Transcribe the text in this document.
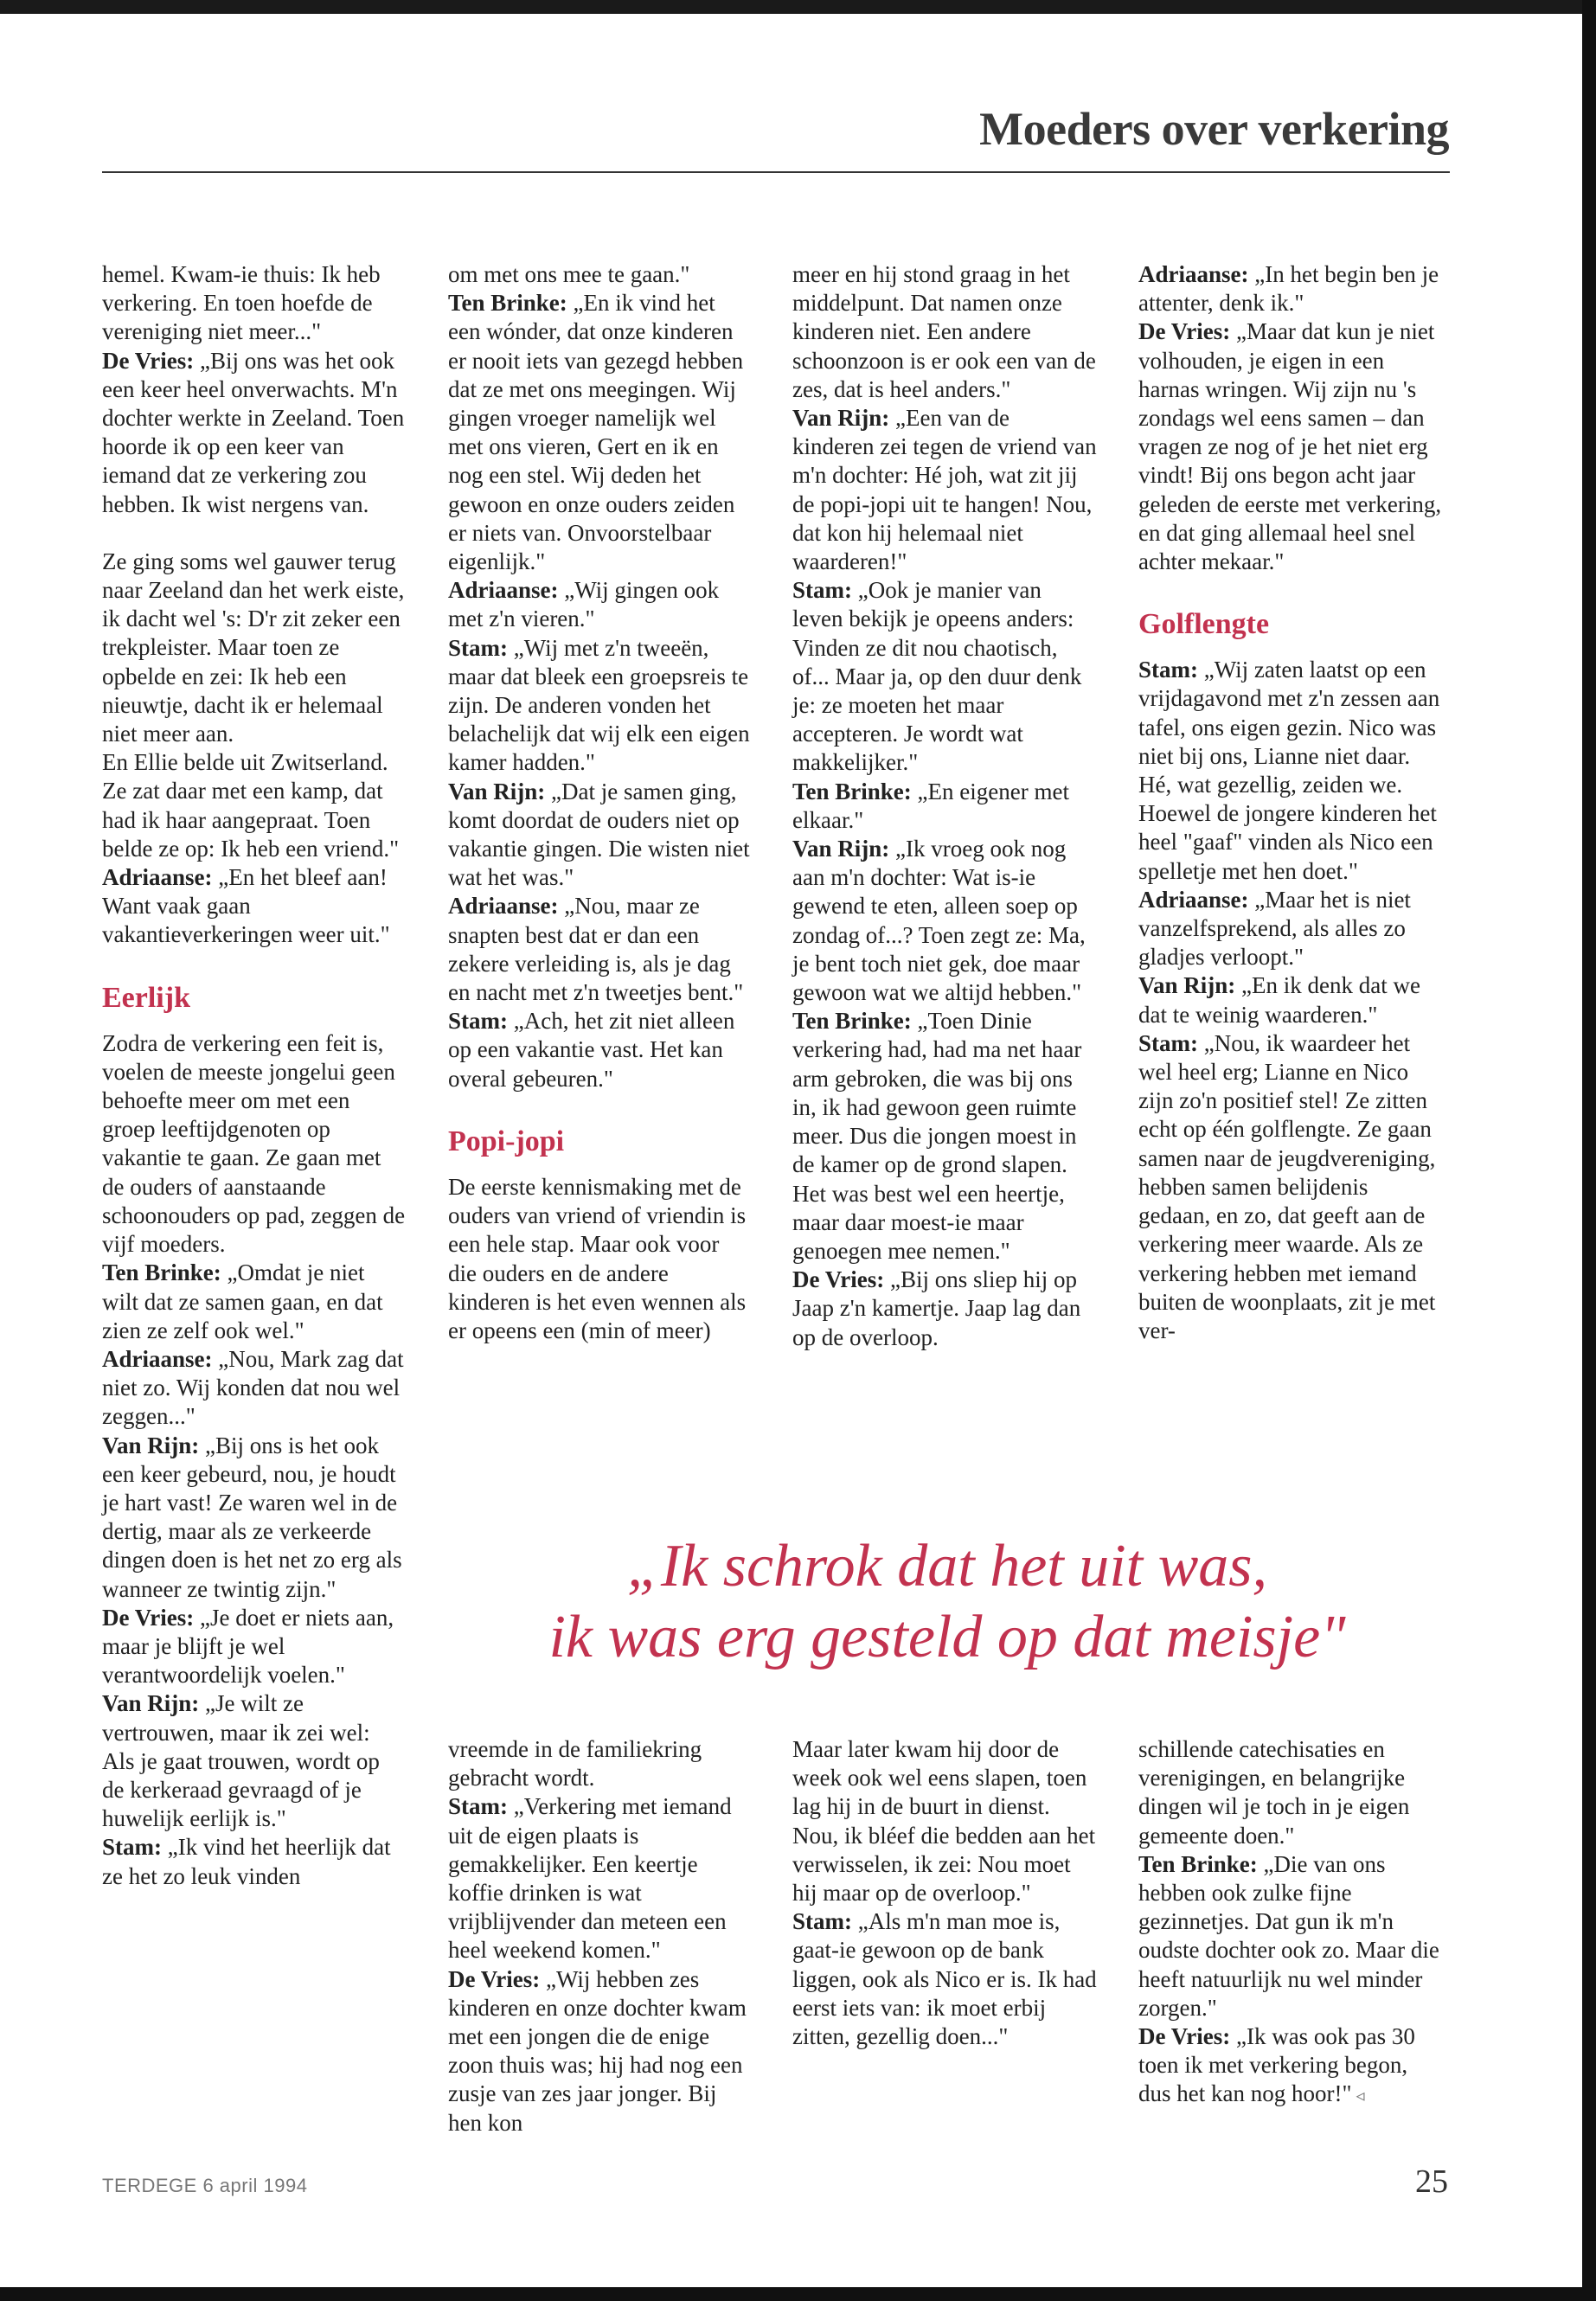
Moeders over verkering

hemel. Kwam-ie thuis: Ik heb verkering. En toen hoefde de vereniging niet meer..."

De Vries: „Bij ons was het ook een keer heel onverwachts. M'n dochter werkte in Zeeland. Toen hoorde ik op een keer van iemand dat ze verkering zou hebben. Ik wist nergens van.

Ze ging soms wel gauwer terug naar Zeeland dan het werk eiste, ik dacht wel 's: D'r zit zeker een trekpleister. Maar toen ze opbelde en zei: Ik heb een nieuwtje, dacht ik er helemaal niet meer aan.

En Ellie belde uit Zwitserland. Ze zat daar met een kamp, dat had ik haar aangepraat. Toen belde ze op: Ik heb een vriend."

Adriaanse: „En het bleef aan! Want vaak gaan vakantieverkeringen weer uit."

Eerlijk

Zodra de verkering een feit is, voelen de meeste jongelui geen behoefte meer om met een groep leeftijdgenoten op vakantie te gaan. Ze gaan met de ouders of aanstaande schoonouders op pad, zeggen de vijf moeders.

Ten Brinke: „Omdat je niet wilt dat ze samen gaan, en dat zien ze zelf ook wel."

Adriaanse: „Nou, Mark zag dat niet zo. Wij konden dat nou wel zeggen..."

Van Rijn: „Bij ons is het ook een keer gebeurd, nou, je houdt je hart vast! Ze waren wel in de dertig, maar als ze verkeerde dingen doen is het net zo erg als wanneer ze twintig zijn."

De Vries: „Je doet er niets aan, maar je blijft je wel verantwoordelijk voelen."

Van Rijn: „Je wilt ze vertrouwen, maar ik zei wel: Als je gaat trouwen, wordt op de kerkeraad gevraagd of je huwelijk eerlijk is."

Stam: „Ik vind het heerlijk dat ze het zo leuk vinden

om met ons mee te gaan."

Ten Brinke: „En ik vind het een wónder, dat onze kinderen er nooit iets van gezegd hebben dat ze met ons meegingen. Wij gingen vroeger namelijk wel met ons vieren, Gert en ik en nog een stel. Wij deden het gewoon en onze ouders zeiden er niets van. Onvoorstelbaar eigenlijk."

Adriaanse: „Wij gingen ook met z'n vieren."

Stam: „Wij met z'n tweeën, maar dat bleek een groepsreis te zijn. De anderen vonden het belachelijk dat wij elk een eigen kamer hadden."

Van Rijn: „Dat je samen ging, komt doordat de ouders niet op vakantie gingen. Die wisten niet wat het was."

Adriaanse: „Nou, maar ze snapten best dat er dan een zekere verleiding is, als je dag en nacht met z'n tweetjes bent."

Stam: „Ach, het zit niet alleen op een vakantie vast. Het kan overal gebeuren."

Popi-jopi

De eerste kennismaking met de ouders van vriend of vriendin is een hele stap. Maar ook voor die ouders en de andere kinderen is het even wennen als er opeens een (min of meer)

meer en hij stond graag in het middelpunt. Dat namen onze kinderen niet. Een andere schoonzoon is er ook een van de zes, dat is heel anders."

Van Rijn: „Een van de kinderen zei tegen de vriend van m'n dochter: Hé joh, wat zit jij de popi-jopi uit te hangen! Nou, dat kon hij helemaal niet waarderen!"

Stam: „Ook je manier van leven bekijk je opeens anders: Vinden ze dit nou chaotisch, of... Maar ja, op den duur denk je: ze moeten het maar accepteren. Je wordt wat makkelijker."

Ten Brinke: „En eigener met elkaar."

Van Rijn: „Ik vroeg ook nog aan m'n dochter: Wat is-ie gewend te eten, alleen soep op zondag of...? Toen zegt ze: Ma, je bent toch niet gek, doe maar gewoon wat we altijd hebben."

Ten Brinke: „Toen Dinie verkering had, had ma net haar arm gebroken, die was bij ons in, ik had gewoon geen ruimte meer. Dus die jongen moest in de kamer op de grond slapen. Het was best wel een heertje, maar daar moest-ie maar genoegen mee nemen."

De Vries: „Bij ons sliep hij op Jaap z'n kamertje. Jaap lag dan op de overloop.

Adriaanse: „In het begin ben je attenter, denk ik."

De Vries: „Maar dat kun je niet volhouden, je eigen in een harnas wringen. Wij zijn nu 's zondags wel eens samen – dan vragen ze nog of je het niet erg vindt! Bij ons begon acht jaar geleden de eerste met verkering, en dat ging allemaal heel snel achter mekaar."

Golflengte

Stam: „Wij zaten laatst op een vrijdagavond met z'n zessen aan tafel, ons eigen gezin. Nico was niet bij ons, Lianne niet daar. Hé, wat gezellig, zeiden we. Hoewel de jongere kinderen het heel "gaaf" vinden als Nico een spelletje met hen doet."

Adriaanse: „Maar het is niet vanzelfsprekend, als alles zo gladjes verloopt."

Van Rijn: „En ik denk dat we dat te weinig waarderen."

Stam: „Nou, ik waardeer het wel heel erg; Lianne en Nico zijn zo'n positief stel! Ze zitten echt op één golflengte. Ze gaan samen naar de jeugdvereniging, hebben samen belijdenis gedaan, en zo, dat geeft aan de verkering meer waarde. Als ze verkering hebben met iemand buiten de woonplaats, zit je met ver-

„Ik schrok dat het uit was,
ik was erg gesteld op dat meisje"

vreemde in de familiekring gebracht wordt.

Stam: „Verkering met iemand uit de eigen plaats is gemakkelijker. Een keertje koffie drinken is wat vrijblijvender dan meteen een heel weekend komen."

De Vries: „Wij hebben zes kinderen en onze dochter kwam met een jongen die de enige zoon thuis was; hij had nog een zusje van zes jaar jonger. Bij hen kon

Maar later kwam hij door de week ook wel eens slapen, toen lag hij in de buurt in dienst. Nou, ik bléef die bedden aan het verwisselen, ik zei: Nou moet hij maar op de overloop."

Stam: „Als m'n man moe is, gaat-ie gewoon op de bank liggen, ook als Nico er is. Ik had eerst iets van: ik moet erbij zitten, gezellig doen..."

schillende catechisaties en verenigingen, en belangrijke dingen wil je toch in je eigen gemeente doen."

Ten Brinke: „Die van ons hebben ook zulke fijne gezinnetjes. Dat gun ik m'n oudste dochter ook zo. Maar die heeft natuurlijk nu wel minder zorgen."

De Vries: „Ik was ook pas 30 toen ik met verkering begon, dus het kan nog hoor!" ◃

TERDEGE 6 april 1994	25
